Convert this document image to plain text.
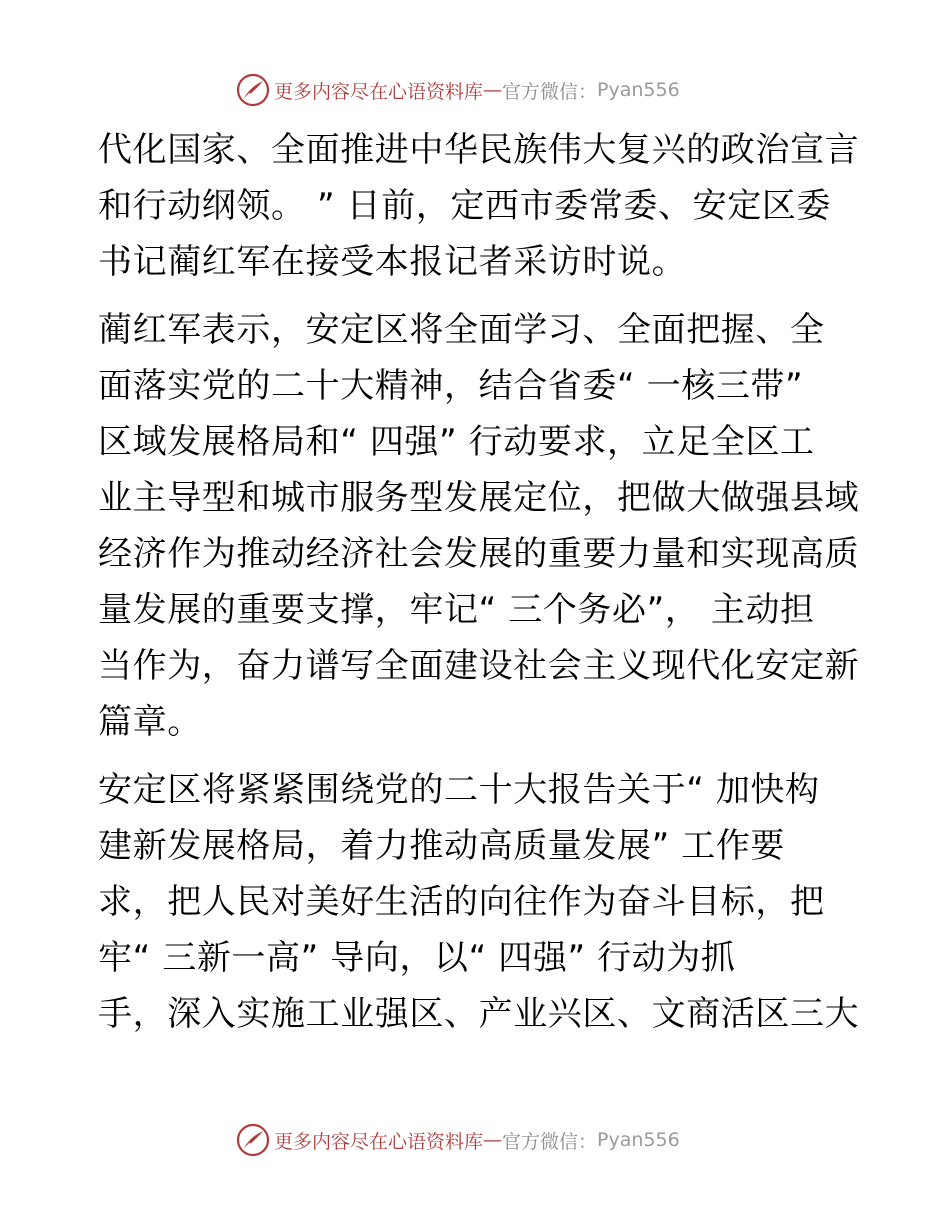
更多内容尽在心语资料库 — 官方微信： Pyan556

代化国家、全面推进中华民族伟大复兴的政治宣言
和行动纲领。 ” 日前，定西市委常委、安定区委
书记蔺红军在接受本报记者采访时说。

蔺红军表示，安定区将全面学习、全面把握、全
面落实党的二十大精神，结合省委“ 一核三带”
区域发展格局和“ 四强” 行动要求，立足全区工
业主导型和城市服务型发展定位，把做大做强县域
经济作为推动经济社会发展的重要力量和实现高质
量发展的重要支撑，牢记“ 三个务必”， 主动担
当作为，奋力谱写全面建设社会主义现代化安定新
篇章。

安定区将紧紧围绕党的二十大报告关于“ 加快构
建新发展格局，着力推动高质量发展” 工作要
求，把人民对美好生活的向往作为奋斗目标，把
牢“ 三新一高” 导向，以“ 四强” 行动为抓
手，深入实施工业强区、产业兴区、文商活区三大

更多内容尽在心语资料库 — 官方微信： Pyan556
